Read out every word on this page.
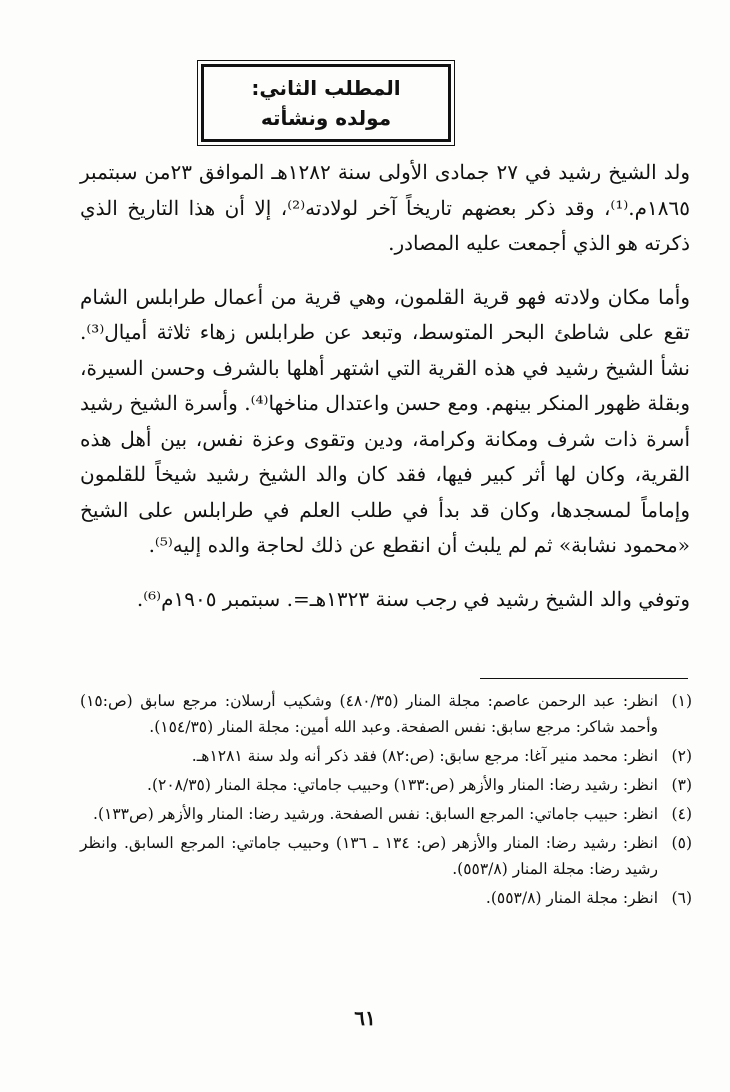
المطلب الثاني:
مولده ونشأته

ولد الشيخ رشيد في ٢٧ جمادى الأولى سنة ١٢٨٢هـ الموافق ٢٣من سبتمبر ١٨٦٥م.⁽¹⁾، وقد ذكر بعضهم تاريخاً آخر لولادته⁽²⁾، إلا أن هذا التاريخ الذي ذكرته هو الذي أجمعت عليه المصادر.

وأما مكان ولادته فهو قرية القلمون، وهي قرية من أعمال طرابلس الشام تقع على شاطئ البحر المتوسط، وتبعد عن طرابلس زهاء ثلاثة أميال⁽³⁾. نشأ الشيخ رشيد في هذه القرية التي اشتهر أهلها بالشرف وحسن السيرة، وبقلة ظهور المنكر بينهم. ومع حسن واعتدال مناخها⁽⁴⁾. وأسرة الشيخ رشيد أسرة ذات شرف ومكانة وكرامة، ودين وتقوى وعزة نفس، بين أهل هذه القرية، وكان لها أثر كبير فيها، فقد كان والد الشيخ رشيد شيخاً للقلمون وإماماً لمسجدها، وكان قد بدأ في طلب العلم في طرابلس على الشيخ «محمود نشابة» ثم لم يلبث أن انقطع عن ذلك لحاجة والده إليه⁽⁵⁾.

وتوفي والد الشيخ رشيد في رجب سنة ١٣٢٣هـ=. سبتمبر ١٩٠٥م⁽⁶⁾.

(١)
انظر: عبد الرحمن عاصم: مجلة المنار (٤٨٠/٣٥) وشكيب أرسلان: مرجع سابق (ص:١٥) وأحمد شاكر: مرجع سابق: نفس الصفحة. وعبد الله أمين: مجلة المنار (١٥٤/٣٥).
(٢)
انظر: محمد منير آغا: مرجع سابق: (ص:٨٢) فقد ذكر أنه ولد سنة ١٢٨١هـ.
(٣)
انظر: رشيد رضا: المنار والأزهر (ص:١٣٣) وحبيب جاماتي: مجلة المنار (٢٠٨/٣٥).
(٤)
انظر: حبيب جاماتي: المرجع السابق: نفس الصفحة. ورشيد رضا: المنار والأزهر (ص١٣٣).
(٥)
انظر: رشيد رضا: المنار والأزهر (ص: ١٣٤ ـ ١٣٦) وحبيب جاماتي: المرجع السابق. وانظر رشيد رضا: مجلة المنار (٥٥٣/٨).
(٦)
انظر: مجلة المنار (٥٥٣/٨).
٦١
